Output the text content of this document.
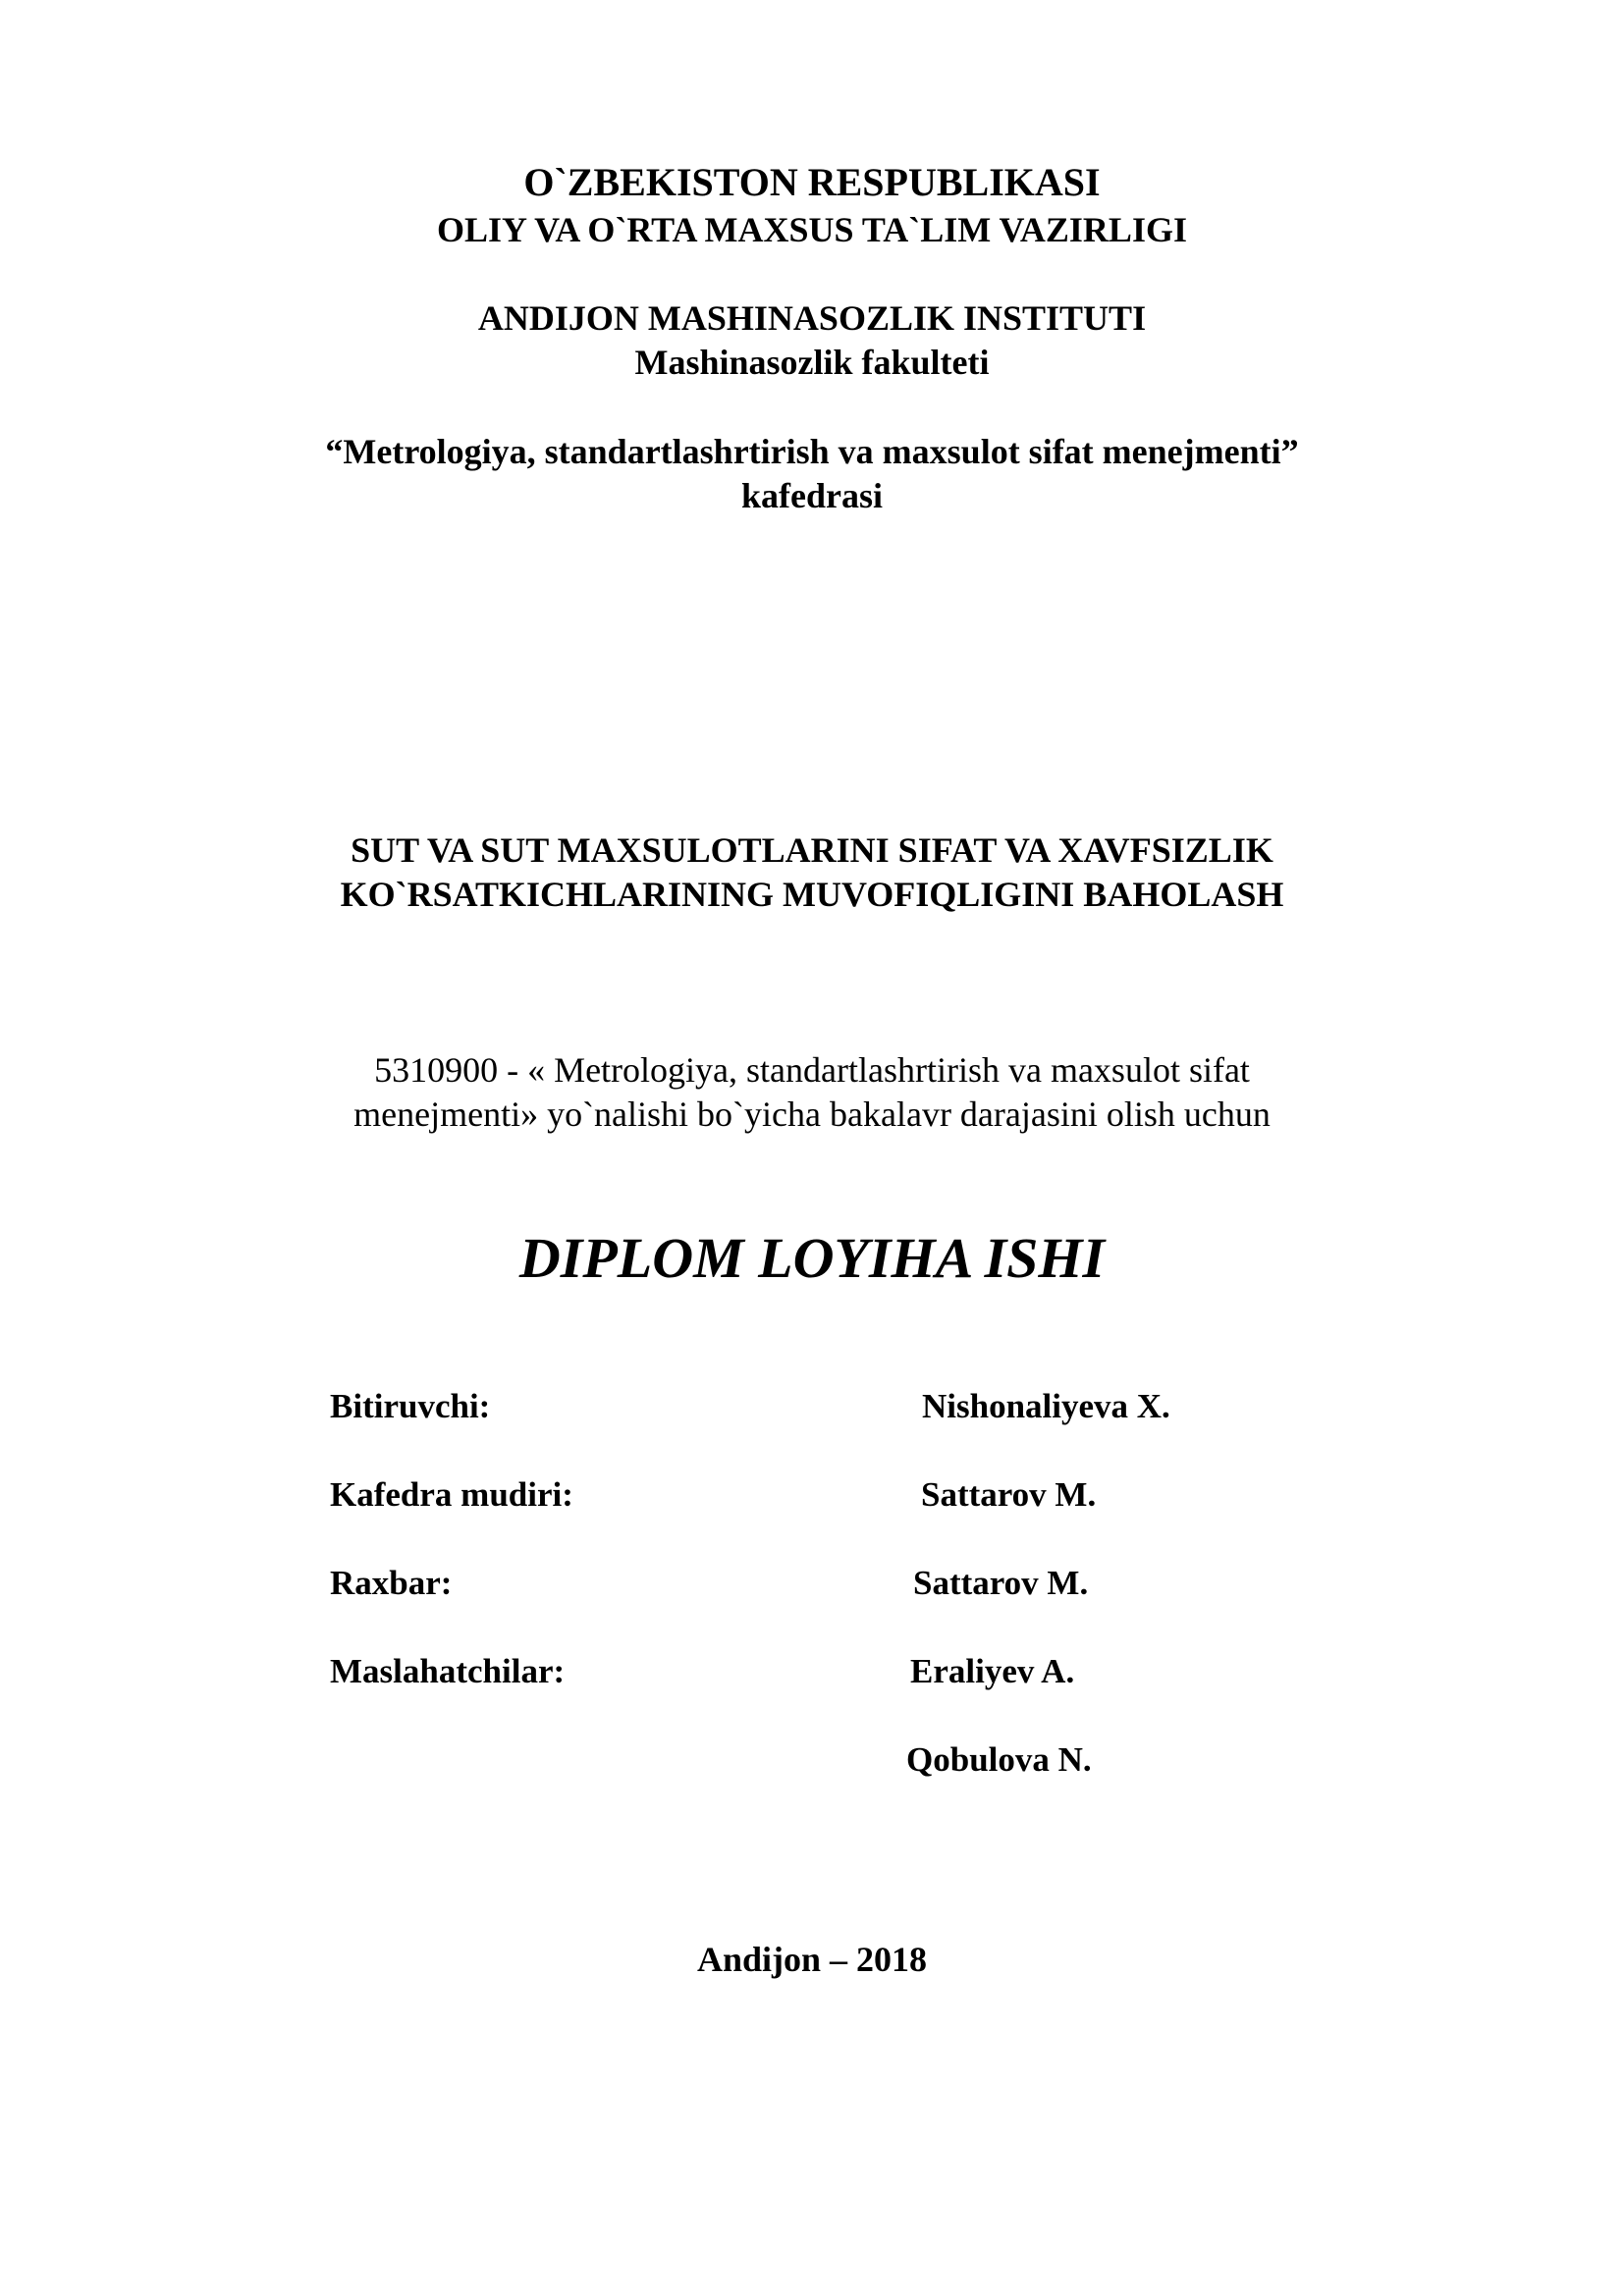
O`ZBEKISTON RESPUBLIKASI
OLIY VA O`RTA MAXSUS TA`LIM VAZIRLIGI
ANDIJON MASHINASOZLIK INSTITUTI
Mashinasozlik fakulteti
“Metrologiya, standartlashrtirish va maxsulot sifat menejmenti”
kafedrasi
SUT VA SUT MAXSULOTLARINI SIFAT VA XAVFSIZLIK
KO`RSATKICHLARINING MUVOFIQLIGINI BAHOLASH
5310900 - « Metrologiya, standartlashrtirish va maxsulot sifat
menejmenti» yo`nalishi bo`yicha bakalavr darajasini olish uchun
DIPLOM LOYIHA ISHI
Bitiruvchi:	Nishonaliyeva X.
Kafedra mudiri:	Sattarov M.
Raxbar:	Sattarov M.
Maslahatchilar:	Eraliyev A.
Qobulova N.
Andijon – 2018
